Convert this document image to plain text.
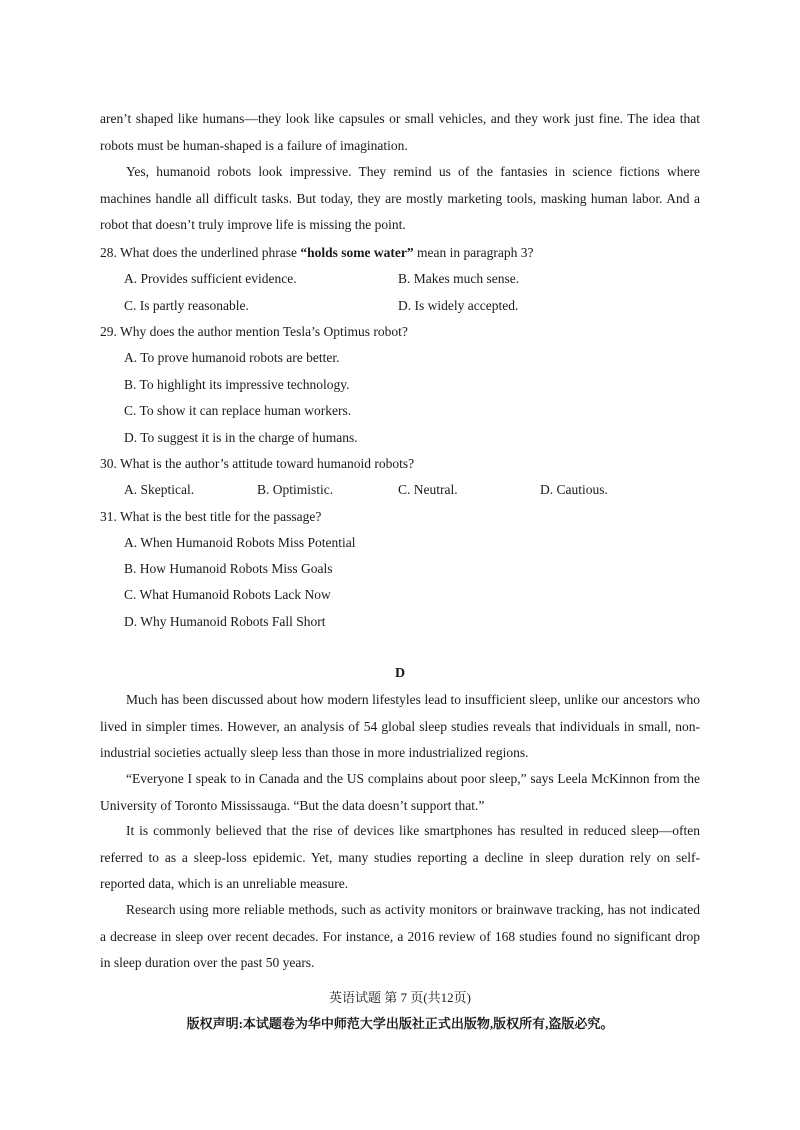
aren’t shaped like humans—they look like capsules or small vehicles, and they work just fine. The idea that robots must be human-shaped is a failure of imagination.

Yes, humanoid robots look impressive. They remind us of the fantasies in science fictions where machines handle all difficult tasks. But today, they are mostly marketing tools, masking human labor. And a robot that doesn’t truly improve life is missing the point.

28. What does the underlined phrase “holds some water” mean in paragraph 3?

A. Provides sufficient evidence.	B. Makes much sense.

C. Is partly reasonable.	D. Is widely accepted.

29. Why does the author mention Tesla’s Optimus robot?

A. To prove humanoid robots are better.

B. To highlight its impressive technology.

C. To show it can replace human workers.

D. To suggest it is in the charge of humans.

30. What is the author’s attitude toward humanoid robots?

A. Skeptical.	B. Optimistic.	C. Neutral.	D. Cautious.

31. What is the best title for the passage?

A. When Humanoid Robots Miss Potential

B. How Humanoid Robots Miss Goals

C. What Humanoid Robots Lack Now

D. Why Humanoid Robots Fall Short

D

Much has been discussed about how modern lifestyles lead to insufficient sleep, unlike our ancestors who lived in simpler times. However, an analysis of 54 global sleep studies reveals that individuals in small, non-industrial societies actually sleep less than those in more industrialized regions.

“Everyone I speak to in Canada and the US complains about poor sleep,” says Leela McKinnon from the University of Toronto Mississauga. “But the data doesn’t support that.”

It is commonly believed that the rise of devices like smartphones has resulted in reduced sleep—often referred to as a sleep-loss epidemic. Yet, many studies reporting a decline in sleep duration rely on self-reported data, which is an unreliable measure.

Research using more reliable methods, such as activity monitors or brainwave tracking, has not indicated a decrease in sleep over recent decades. For instance, a 2016 review of 168 studies found no significant drop in sleep duration over the past 50 years.

英语试题 第 7 页(共12页)

版权声明:本试题卷为华中师范大学出版社正式出版物,版权所有,盗版必究。
